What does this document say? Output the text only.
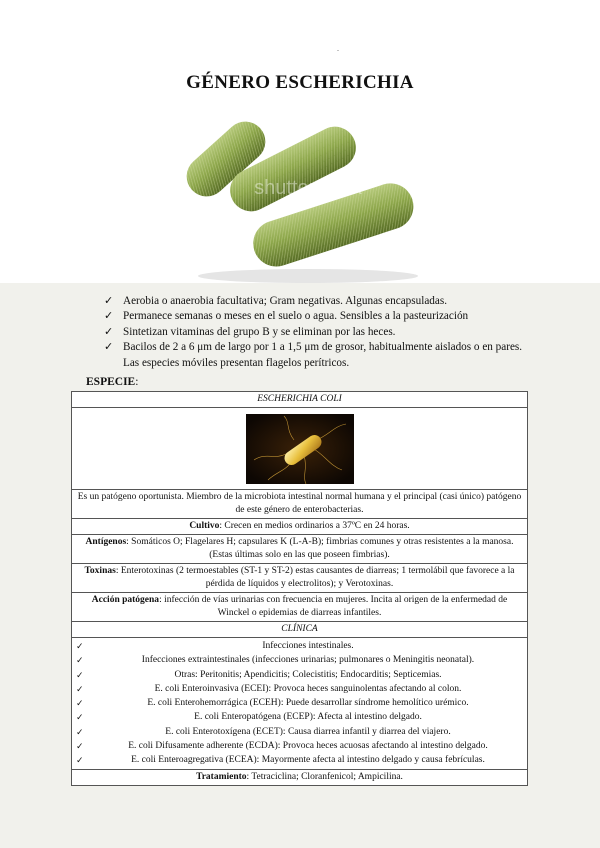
.
GÉNERO ESCHERICHIA
shutterstock
✓ Aerobia o anaerobia facultativa; Gram negativas. Algunas encapsuladas.
✓ Permanece semanas o meses en el suelo o agua. Sensibles a la pasteurización
✓ Sintetizan vitaminas del grupo B y se eliminan por las heces.
✓ Bacilos de 2 a 6 μm de largo por 1 a 1,5 μm de grosor, habitualmente aislados o en pares. Las especies móviles presentan flagelos perítricos.
ESPECIE:
ESCHERICHIA COLI

Es un patógeno oportunista. Miembro de la microbiota intestinal normal humana y el principal (casi único) patógeno de este género de enterobacterias.
Cultivo: Crecen en medios ordinarios a 37ºC en 24 horas.
Antígenos: Somáticos O; Flagelares H; capsulares K (L-A-B); fimbrias comunes y otras resistentes a la manosa. (Estas últimas solo en las que poseen fimbrias).
Toxinas: Enterotoxinas (2 termoestables (ST-1 y ST-2) estas causantes de diarreas; 1 termolábil que favorece a la pérdida de líquidos y electrolitos); y Verotoxinas.
Acción patógena: infección de vías urinarias con frecuencia en mujeres. Incita al origen de la enfermedad de Winckel o epidemias de diarreas infantiles.
CLÍNICA

✓	Infecciones intestinales.
✓	Infecciones extraintestinales (infecciones urinarias; pulmonares o Meningitis neonatal).
✓	Otras: Peritonitis; Apendicitis; Colecistitis; Endocarditis; Septicemias.
✓	E. coli Enteroinvasiva (ECEI): Provoca heces sanguinolentas afectando al colon.
✓	E. coli Enterohemorrágica (ECEH): Puede desarrollar síndrome hemolítico urémico.
✓	E. coli Enteropatógena (ECEP): Afecta al intestino delgado.
✓	E. coli Enterotoxígena (ECET): Causa diarrea infantil y diarrea del viajero.
✓	E. coli Difusamente adherente (ECDA): Provoca heces acuosas afectando al intestino delgado.
✓	E. coli Enteroagregativa (ECEA): Mayormente afecta al intestino delgado y causa febrículas.

Tratamiento: Tetraciclina; Cloranfenicol; Ampicilina.
